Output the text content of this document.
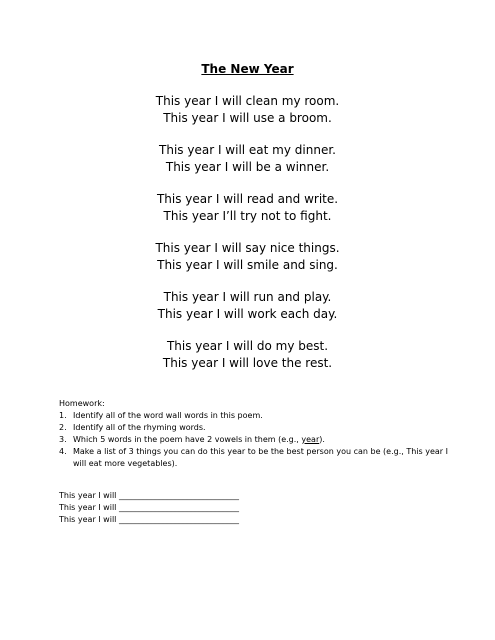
The New Year
This year I will clean my room.
This year I will use a broom.
This year I will eat my dinner.
This year I will be a winner.
This year I will read and write.
This year I’ll try not to fight.
This year I will say nice things.
This year I will smile and sing.
This year I will run and play.
This year I will work each day.
This year I will do my best.
This year I will love the rest.
Homework:
1. Identify all of the word wall words in this poem.
2. Identify all of the rhyming words.
3. Which 5 words in the poem have 2 vowels in them (e.g., year).
4. Make a list of 3 things you can do this year to be the best person you can be (e.g., This year I will eat more vegetables).
This year I will ______________________________
This year I will ______________________________
This year I will ______________________________
